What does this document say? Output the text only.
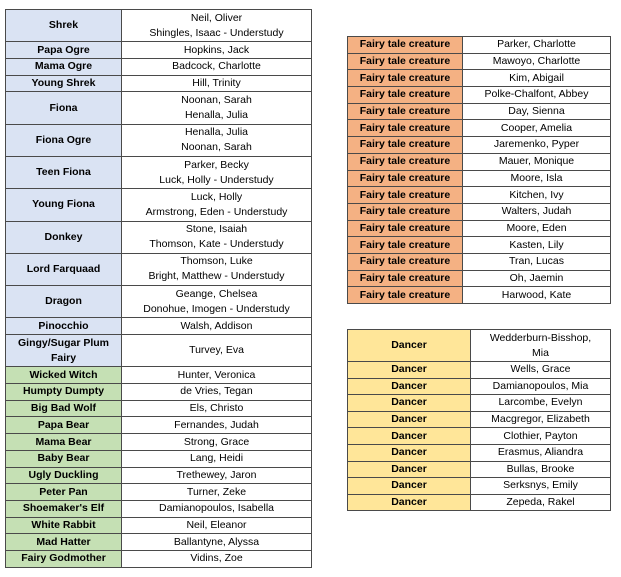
Shrek	Neil, Oliver
Shingles, Isaac - Understudy

Papa Ogre	Hopkins, Jack

Mama Ogre	Badcock, Charlotte

Young Shrek	Hill, Trinity

Fiona	Noonan, Sarah
Henalla, Julia

Fiona Ogre	Henalla, Julia
Noonan, Sarah

Teen Fiona	Parker, Becky
Luck, Holly - Understudy

Young Fiona	Luck, Holly
Armstrong, Eden - Understudy

Donkey	Stone, Isaiah
Thomson, Kate - Understudy

Lord Farquaad	Thomson, Luke
Bright, Matthew - Understudy

Dragon	Geange, Chelsea
Donohue, Imogen - Understudy

Pinocchio	Walsh, Addison

Gingy/Sugar Plum
Fairy	Turvey, Eva

Wicked Witch	Hunter, Veronica

Humpty Dumpty	de Vries, Tegan

Big Bad Wolf	Els, Christo

Papa Bear	Fernandes, Judah

Mama Bear	Strong, Grace

Baby Bear	Lang, Heidi

Ugly Duckling	Trethewey, Jaron

Peter Pan	Turner, Zeke

Shoemaker's Elf	Damianopoulos, Isabella

White Rabbit	Neil, Eleanor

Mad Hatter	Ballantyne, Alyssa

Fairy Godmother	Vidins, Zoe
Fairy tale creature	Parker, Charlotte

Fairy tale creature	Mawoyo, Charlotte

Fairy tale creature	Kim, Abigail

Fairy tale creature	Polke-Chalfont, Abbey

Fairy tale creature	Day, Sienna

Fairy tale creature	Cooper, Amelia

Fairy tale creature	Jaremenko, Pyper

Fairy tale creature	Mauer, Monique

Fairy tale creature	Moore, Isla

Fairy tale creature	Kitchen, Ivy

Fairy tale creature	Walters, Judah

Fairy tale creature	Moore, Eden

Fairy tale creature	Kasten, Lily

Fairy tale creature	Tran, Lucas

Fairy tale creature	Oh, Jaemin

Fairy tale creature	Harwood, Kate
Dancer	Wedderburn-Bisshop,
Mia

Dancer	Wells, Grace

Dancer	Damianopoulos, Mia

Dancer	Larcombe, Evelyn

Dancer	Macgregor, Elizabeth

Dancer	Clothier, Payton

Dancer	Erasmus, Aliandra

Dancer	Bullas, Brooke

Dancer	Serksnys, Emily

Dancer	Zepeda, Rakel
